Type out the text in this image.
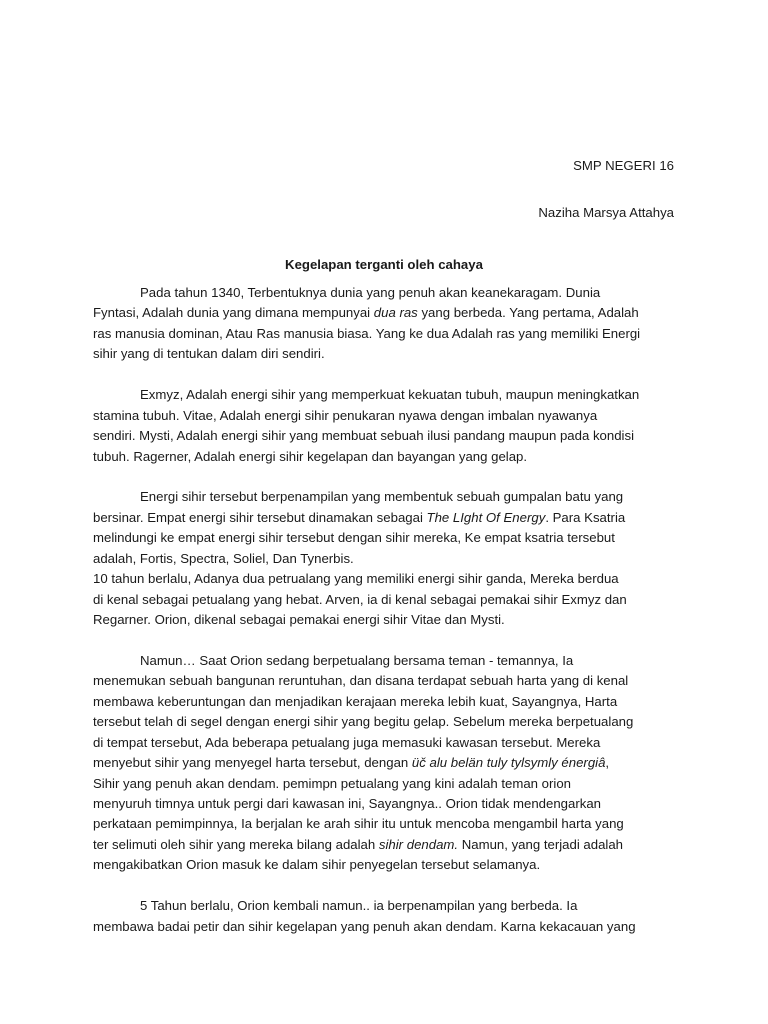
SMP NEGERI 16
Naziha Marsya Attahya
Kegelapan terganti oleh cahaya
Pada tahun 1340, Terbentuknya dunia yang penuh akan keanekaragam. Dunia
Fyntasi, Adalah dunia yang dimana mempunyai dua ras yang berbeda. Yang pertama, Adalah
ras manusia dominan, Atau Ras manusia biasa. Yang ke dua Adalah ras yang memiliki Energi
sihir yang di tentukan dalam diri sendiri.
Exmyz, Adalah energi sihir yang memperkuat kekuatan tubuh, maupun meningkatkan
stamina tubuh. Vitae, Adalah energi sihir penukaran nyawa dengan imbalan nyawanya
sendiri. Mysti, Adalah energi sihir yang membuat sebuah ilusi pandang maupun pada kondisi
tubuh. Ragerner, Adalah energi sihir kegelapan dan bayangan yang gelap.
Energi sihir tersebut berpenampilan yang membentuk sebuah gumpalan batu yang
bersinar. Empat energi sihir tersebut dinamakan sebagai The LIght Of Energy. Para Ksatria
melindungi ke empat energi sihir tersebut dengan sihir mereka, Ke empat ksatria tersebut
adalah, Fortis, Spectra, Soliel, Dan Tynerbis.
10 tahun berlalu, Adanya dua petrualang yang memiliki energi sihir ganda, Mereka berdua
di kenal sebagai petualang yang hebat. Arven, ia di kenal sebagai pemakai sihir Exmyz dan
Regarner. Orion, dikenal sebagai pemakai energi sihir Vitae dan Mysti.
Namun… Saat Orion sedang berpetualang bersama teman - temannya, Ia
menemukan sebuah bangunan reruntuhan, dan disana terdapat sebuah harta yang di kenal
membawa keberuntungan dan menjadikan kerajaan mereka lebih kuat, Sayangnya, Harta
tersebut telah di segel dengan energi sihir yang begitu gelap. Sebelum mereka berpetualang
di tempat tersebut, Ada beberapa petualang juga memasuki kawasan tersebut. Mereka
menyebut sihir yang menyegel harta tersebut, dengan üč alu belän tuly tylsymly énergiâ,
Sihir yang penuh akan dendam. pemimpn petualang yang kini adalah teman orion
menyuruh timnya untuk pergi dari kawasan ini, Sayangnya.. Orion tidak mendengarkan
perkataan pemimpinnya, Ia berjalan ke arah sihir itu untuk mencoba mengambil harta yang
ter selimuti oleh sihir yang mereka bilang adalah sihir dendam. Namun, yang terjadi adalah
mengakibatkan Orion masuk ke dalam sihir penyegelan tersebut selamanya.
5 Tahun berlalu, Orion kembali namun.. ia berpenampilan yang berbeda. Ia
membawa badai petir dan sihir kegelapan yang penuh akan dendam. Karna kekacauan yang
